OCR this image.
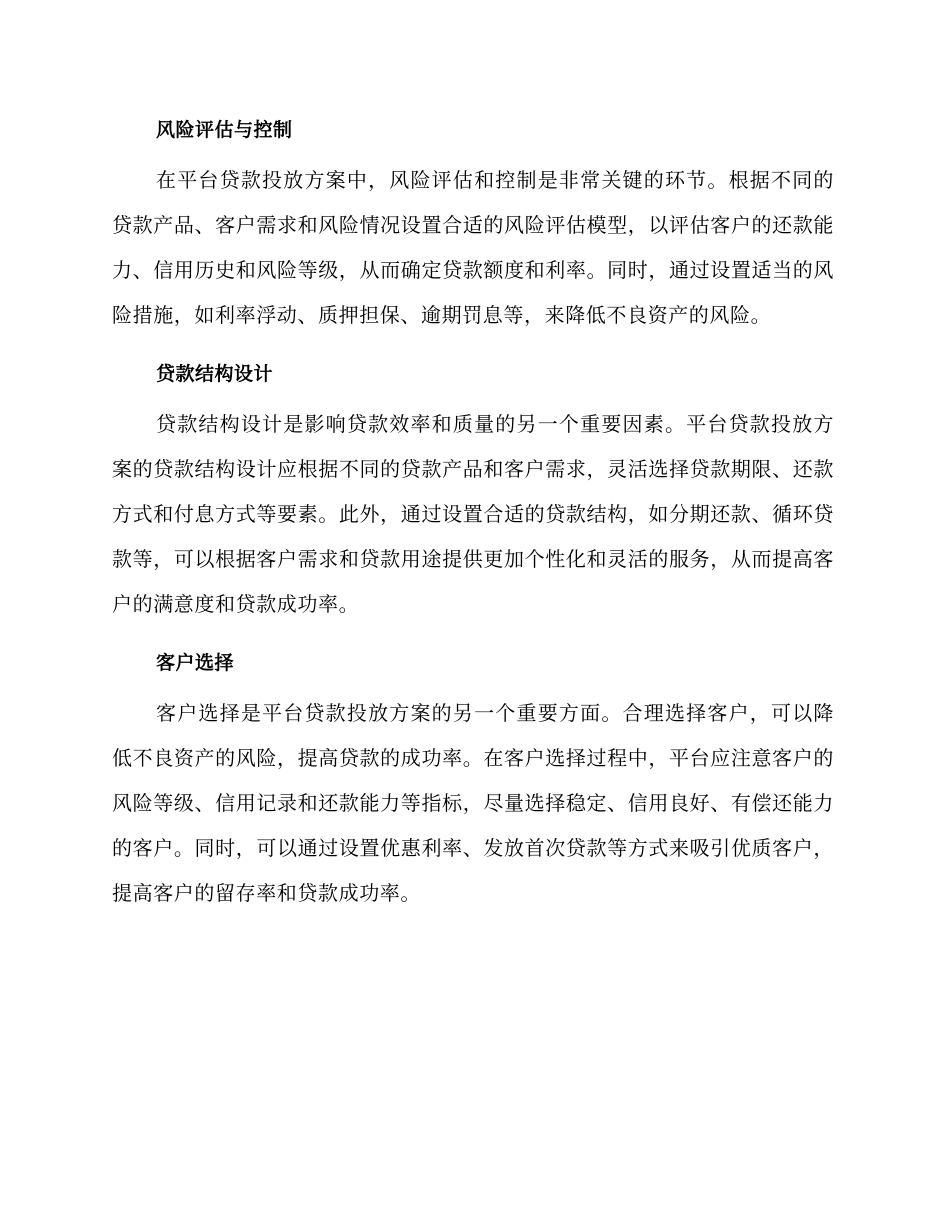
风险评估与控制

在平台贷款投放方案中，风险评估和控制是非常关键的环节。根据不同的贷款产品、客户需求和风险情况设置合适的风险评估模型，以评估客户的还款能力、信用历史和风险等级，从而确定贷款额度和利率。同时，通过设置适当的风险措施，如利率浮动、质押担保、逾期罚息等，来降低不良资产的风险。

贷款结构设计

贷款结构设计是影响贷款效率和质量的另一个重要因素。平台贷款投放方案的贷款结构设计应根据不同的贷款产品和客户需求，灵活选择贷款期限、还款方式和付息方式等要素。此外，通过设置合适的贷款结构，如分期还款、循环贷款等，可以根据客户需求和贷款用途提供更加个性化和灵活的服务，从而提高客户的满意度和贷款成功率。

客户选择

客户选择是平台贷款投放方案的另一个重要方面。合理选择客户，可以降低不良资产的风险，提高贷款的成功率。在客户选择过程中，平台应注意客户的风险等级、信用记录和还款能力等指标，尽量选择稳定、信用良好、有偿还能力的客户。同时，可以通过设置优惠利率、发放首次贷款等方式来吸引优质客户，提高客户的留存率和贷款成功率。
